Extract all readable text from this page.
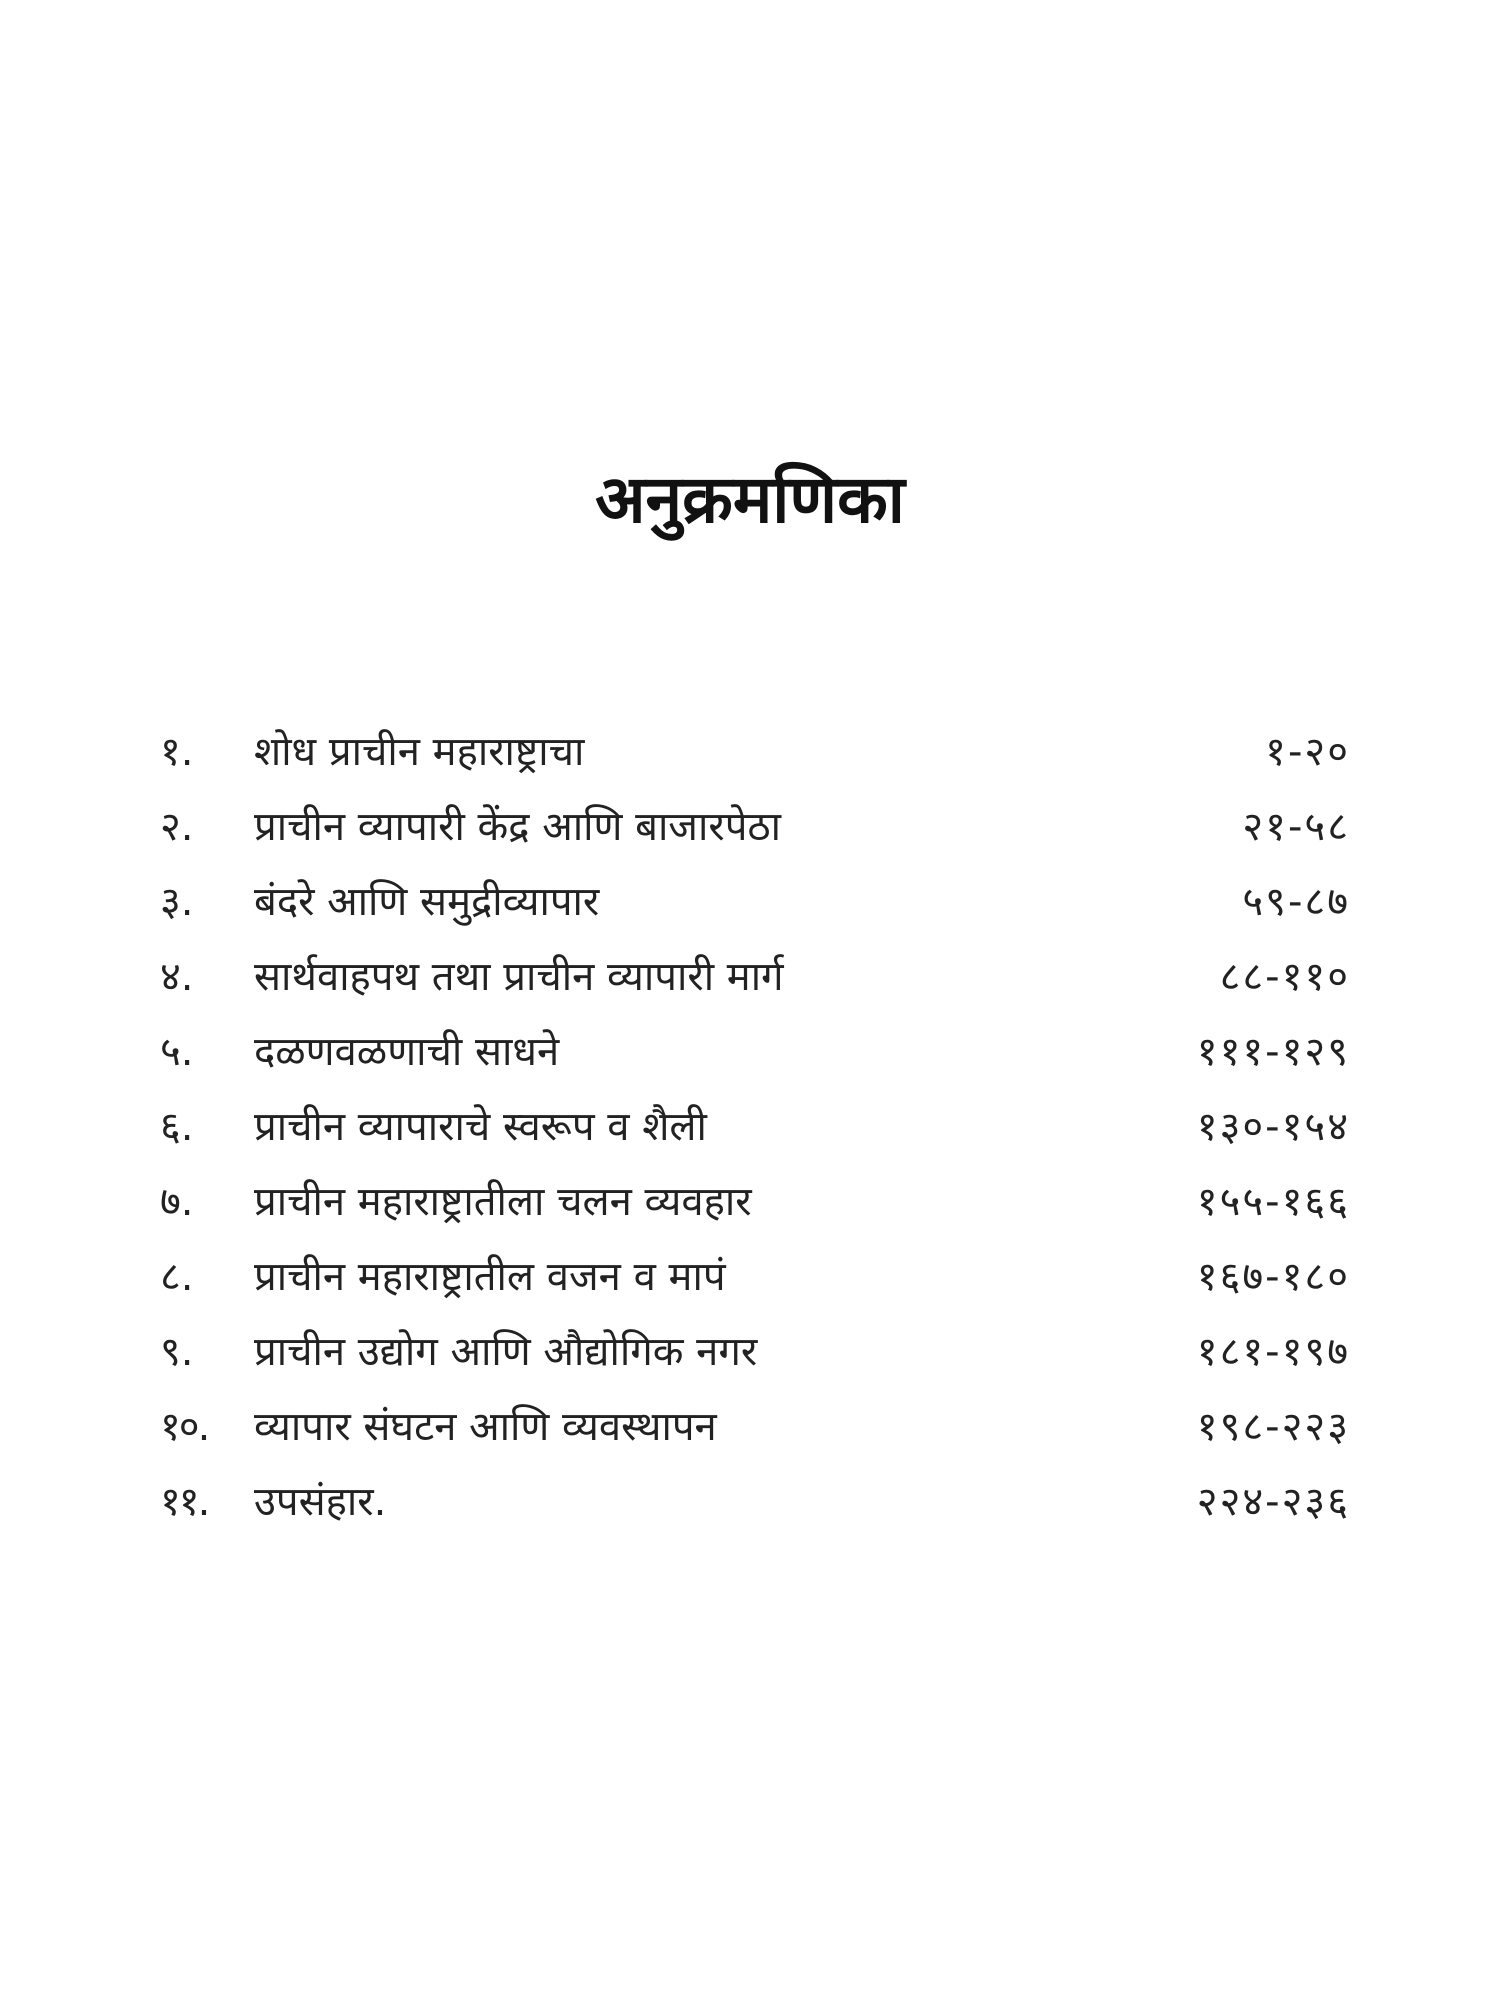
अनुक्रमणिका
१.	शोध प्राचीन महाराष्ट्राचा	१-२०
२.	प्राचीन व्यापारी केंद्र आणि बाजारपेठा	२१-५८
३.	बंदरे आणि समुद्रीव्यापार	५९-८७
४.	सार्थवाहपथ तथा प्राचीन व्यापारी मार्ग	८८-११०
५.	दळणवळणाची साधने	१११-१२९
६.	प्राचीन व्यापाराचे स्वरूप व शैली	१३०-१५४
७.	प्राचीन महाराष्ट्रातीला चलन व्यवहार	१५५-१६६
८.	प्राचीन महाराष्ट्रातील वजन व मापं	१६७-१८०
९.	प्राचीन उद्योग आणि औद्योगिक नगर	१८१-१९७
१०.	व्यापार संघटन आणि व्यवस्थापन	१९८-२२३
११.	उपसंहार.	२२४-२३६
